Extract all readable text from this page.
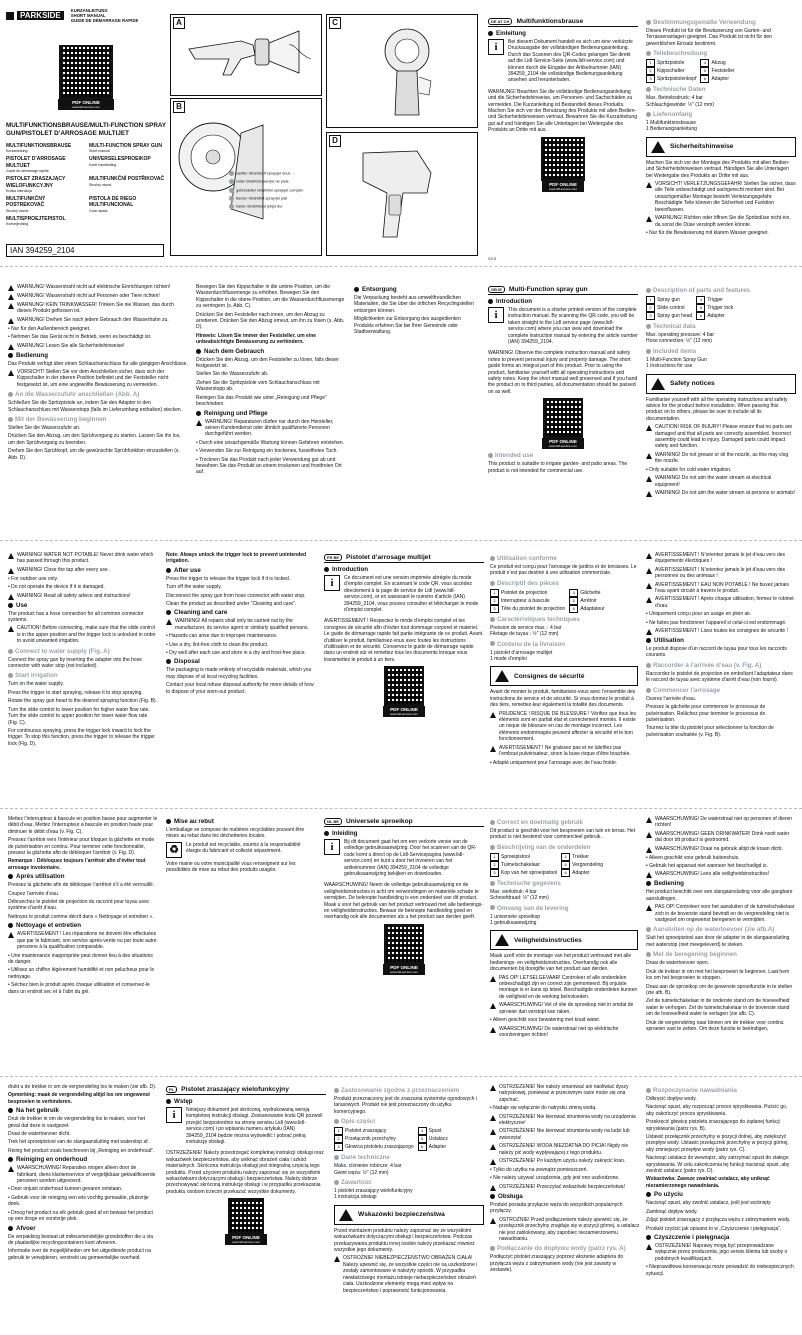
PARKSIDE
KURZANLEITUNG
SHORT MANUAL
GUIDE DE DÉMARRAGE RAPIDE
PDF ONLINE
www.lidl-service.com
MULTIFUNKTIONSBRAUSE/MULTI-FUNCTION SPRAY GUN/PISTOLET D’ARROSAGE MULTIJET
MULTIFUNKTIONSBRAUSE
Kurzanleitung
MULTI-FUNCTION SPRAY GUN
Short manual
PISTOLET D’ARROSAGE MULTIJET
Guide de démarrage rapide
UNIVERSELESPROEIKOP
Korte handleiding
PISTOLET ZRASZAJĄCY WIELOFUNKCYJNY
Krótka instrukcja
MULTIFUNKČNÍ POSTŘIKOVAČ
Stručný návod
MULTIFUNKČNÝ POSTREKOVAČ
Stručný návod
PISTOLA DE RIEGO MULTIFUNCIONAL
Guía rápida
MULTISPROEJTEPISTOL
Kortvejledning
IAN 394259_2104
A	C
B
sanfter Strahl/soft spray/jet doux
voller Strahl/shower/jet de pluie
gebündelter Strahl/full spray/jet complet
flacher Strahl/flat spray/jet plat
harter Strahl/fixed jet/jet dur
D
DE AT CH	Multifunktionsbrause
Einleitung
i	Bei diesem Dokument handelt es sich um eine verkürzte Druckausgabe der vollständigen Bedienungsanleitung. Durch das Scannen des QR-Codes gelangen Sie direkt auf die Lidl-Service-Seite (www.lidl-service.com) und können durch die Eingabe der Artikelnummer (IAN) 394259_2104 die vollständige Bedienungsanleitung ansehen und herunterladen.
WARNUNG! Beachten Sie die vollständige Bedienungsanleitung und die Sicherheitshinweise, um Personen- und Sachschäden zu vermeiden. Die Kurzanleitung ist Bestandteil dieses Produkts. Machen Sie sich vor der Benutzung des Produkts mit allen Bedien- und Sicherheitshinweisen vertraut. Bewahren Sie die Kurzanleitung gut auf und händigen Sie alle Unterlagen bei Weitergabe des Produkts an Dritte mit aus.
PDF ONLINE
www.lidl-service.com
Bestimmungsgemäße Verwendung
Dieses Produkt ist für die Bewässerung von Garten- und Terrassenanlagen geeignet. Das Produkt ist nicht für den gewerblichen Einsatz bestimmt.
Teilebeschreibung
1 Spritzpistole
2 Kippschalter
3 Spritzpistolenkopf

4 Abzug
5 Feststeller
6 Adapter
Technische Daten
Max. Betriebsdruck: 4 bar
Schlauchgewinde: ½" (12 mm)
Lieferumfang
1 Multifunktionsbrause
1 Bedienungsanleitung
Sicherheitshinweise
Machen Sie sich vor der Montage des Produkts mit allen Bedien- und Sicherheitshinweisen vertraut. Händigen Sie alle Unterlagen bei Weitergabe des Produkts an Dritte mit aus.
VORSICHT! VERLETZUNGSGEFAHR! Stellen Sie sicher, dass alle Teile unbeschädigt und sachgerecht montiert sind. Bei unsachgemäßer Montage besteht Verletzungsgefahr. Beschädigte Teile können die Sicherheit und Funktion beeinflussen.
WARNUNG! Richten oder öffnen Sie die Spritzdüse nicht ein, da sonst die Düse verstopft werden könnte.
• Nur für die Bewässerung mit klarem Wasser geeignet.
V2.0
WARNUNG! Wasserstrahl nicht auf elektrische Einrichtungen richten!
WARNUNG! Wasserstrahl nicht auf Personen oder Tiere richten!
WARNUNG! KEIN TRINKWASSER! Trinken Sie nie Wasser, das durch dieses Produkt geflossen ist.
WARNUNG! Drehen Sie nach jedem Gebrauch den Wasserhahn zu.
• Nur für den Außenbereich geeignet.
• Nehmen Sie das Gerät nicht in Betrieb, wenn es beschädigt ist.
WARNUNG! Lesen Sie alle Sicherheitshinweise!
Bedienung
Das Produkt verfügt über einen Schlauchanschluss für alle gängigen Anschlüsse.
VORSICHT! Stellen Sie vor dem Anschließen sicher, dass sich der Kippschalter in der oberen Position befindet und der Feststeller nicht festgesetzt ist, um eine ungewollte Bewässerung zu vermeiden.
An die Wasserzufuhr anschließen (Abb. A)
Schließen Sie die Spritzpistole an, indem Sie den Adapter in den Schlauchanschluss mit Wasserstopp (falls im Lieferumfang enthalten) stecken.
Mit der Bewässerung beginnen
Stellen Sie die Wasserzufuhr an.
Drücken Sie den Abzug, um den Sprühvorgang zu starten. Lassen Sie ihn los, um den Sprühvorgang zu beenden.
Drehen Sie den Sprühkopf, um die gewünschte Sprühfunktion einzustellen (s. Abb. D).
Bewegen Sie den Kippschalter in die untere Position, um die Wasserdurchflussmenge zu erhöhen. Bewegen Sie den Kippschalter in die obere Position, um die Wasserdurchflussmenge zu verringern (s. Abb. C).
Drücken Sie den Feststeller nach innen, um den Abzug zu arretieren. Drücken Sie den Abzug erneut, um ihn zu lösen (s. Abb. D).
Hinweis: Lösen Sie immer den Feststeller, um eine unbeabsichtigte Bewässerung zu verhindern.
Nach dem Gebrauch
Drücken Sie den Abzug, um den Feststeller zu lösen, falls dieser festgesetzt ist.
Stellen Sie die Wasserzufuhr ab.
Ziehen Sie die Spritzpistole vom Schlauchanschluss mit Wasserstopp ab.
Reinigen Sie das Produkt wie unter „Reinigung und Pflege“ beschrieben.
Reinigung und Pflege
WARNUNG! Reparaturen dürfen nur durch den Hersteller, seinen Kundendienst oder ähnlich qualifizierte Personen durchgeführt werden.
• Durch eine unsachgemäße Wartung können Gefahren entstehen.
• Verwenden Sie zur Reinigung ein trockenes, fusselfreies Tuch.
• Trocknen Sie das Produkt nach jeder Verwendung gut ab und bewahren Sie das Produkt an einem trockenen und frostfreien Ort auf.
Entsorgung
Die Verpackung besteht aus umweltfreundlichen Materialien, die Sie über die örtlichen Recyclingstellen entsorgen können.
Möglichkeiten zur Entsorgung des ausgedienten Produkts erfahren Sie bei Ihrer Gemeinde oder Stadtverwaltung.
GB IE	Multi-Function spray gun
Introduction
i	This document is a shorter printed version of the complete instruction manual. By scanning the QR code, you will be taken straight to the Lidl service page (www.lidl-service.com) where you can view and download the complete instruction manual by entering the article number (IAN) 394259_2104.
WARNING! Observe the complete instruction manual and safety notes to prevent personal injury and property damage. The short guide forms an integral part of this product. Prior to using the product, familiarise yourself with all operating instructions and safety notes. Keep the short manual well preserved and if you hand the product on to third parties, all documentation should be passed on as well.
PDF ONLINE
www.lidl-service.com
Intended use
This product is suitable to irrigate garden- and patio areas. The product is not intended for commercial use.
Description of parts and features
1 Spray gun
2 Slide control
3 Spray gun head

4 Trigger
5 Trigger lock
6 Adapter
Technical data
Max. operating pressure: 4 bar
Hose connection: ½" (12 mm)
Included items
1 Multi-Function Spray Gun
1 Instructions for use
Safety notices
Familiarise yourself with all the operating instructions and safety advice for the product before installation. When passing this product on to others, please be sure to include all its documentation.
CAUTION! RISK OF INJURY! Please ensure that no parts are damaged and that all parts are correctly assembled. Incorrect assembly could lead to injury. Damaged parts could impact safety and function.
WARNING! Do not grease or oil the nozzle, as this may clog the nozzle.
• Only suitable for cold water irrigation.
WARNING! Do not aim the water stream at electrical equipment!
WARNING! Do not aim the water stream at persons or animals!
WARNING! WATER NOT POTABLE! Never drink water which has passed through this product.
WARNING! Close the tap after every use.
• For outdoor use only.
• Do not operate the device if it is damaged.
WARNING! Read all safety advice and instructions!
Use
The product has a hose connection for all common connector systems.
CAUTION! Before connecting, make sure that the slide control is in the upper position and the trigger lock is unlocked in order to avoid unwanted irrigation.
Connect to water supply (Fig. A)
Connect the spray gun by inserting the adapter into the hose connector with water stop (not included).
Start irrigation
Turn on the water supply.
Press the trigger to start spraying, release it to stop spraying.
Rotate the spray gun head to the desired spraying function (Fig. B).
Turn the slide control to lower position for higher water flow rate. Turn the slide control to upper position for lower water flow rate (Fig. C).
For continuous spraying, press the trigger lock inward to lock the trigger. To stop this function, press the trigger to release the trigger lock (Fig. D).
Note: Always unlock the trigger lock to prevent unintended irrigation.
After use
Press the trigger to release the trigger lock if it is locked.
Turn off the water supply.
Disconnect the spray gun from hose connector with water stop.
Clean the product as described under “Cleaning and care”.
Cleaning and care
WARNING! All repairs shall only be carried out by the manufacturer, its service agent or similarly qualified persons.
• Hazards can arise due to improper maintenance.
• Use a dry, lint-free cloth to clean the product.
• Dry well after each use and store in a dry and frost-free place.
Disposal
The packaging is made entirely of recyclable materials, which you may dispose of at local recycling facilities.
Contact your local refuse disposal authority for more details of how to dispose of your worn-out product.
FR BE	Pistolet d’arrosage multijet
Introduction
i	Ce document est une version imprimée abrégée du mode d’emploi complet. En scannant le code QR, vous accédez directement à la page de service de Lidl (www.lidl-service.com), et en saisissant le numéro d’article (IAN) 394259_2104, vous pouvez consulter et télécharger le mode d’emploi complet.
AVERTISSEMENT ! Respectez le mode d’emploi complet et les consignes de sécurité afin d’éviter tout dommage corporel et matériel. Le guide de démarrage rapide fait partie intégrante de ce produit. Avant d’utiliser le produit, familiarisez-vous avec toutes les instructions d’utilisation et de sécurité. Conservez le guide de démarrage rapide dans un endroit sûr et remettez tous les documents lorsque vous transmettez le produit à un tiers.
PDF ONLINE
www.lidl-service.com
Utilisation conforme
Ce produit est conçu pour l’arrosage de jardins et de terrasses. Le produit n’est pas destiné à une utilisation commerciale.
Descriptif des pièces
1 Pistolet de projection
2 Interrupteur à bascule
3 Tête du pistolet de projection

4 Gâchette
5 Arrêtoir
6 Adaptateur
Caractéristiques techniques
Pression de service max. : 4 bar
Filetage de tuyau : ½" (12 mm)
Contenu de la livraison
1 pistolet d’arrosage multijet
1 mode d’emploi
Consignes de sécurité
Avant de monter le produit, familiarisez-vous avec l’ensemble des instructions de service et de sécurité. Si vous donnez le produit à des tiers, remettez-leur également la totalité des documents.
PRUDENCE ! RISQUE DE BLESSURE ! Vérifiez que tous les éléments sont en parfait état et correctement montés. Il existe un risque de blessure en cas de montage incorrect. Les éléments endommagés peuvent affecter la sécurité et le bon fonctionnement.
AVERTISSEMENT ! Ne graissez pas et ne lubrifiez pas l’embout pulvérisateur, sinon la buse risque d’être bouchée.
• Adapté uniquement pour l’arrosage avec de l’eau froide.
AVERTISSEMENT ! N’orientez jamais le jet d’eau vers des équipements électriques !
AVERTISSEMENT ! N’orientez jamais le jet d’eau vers des personnes ou des animaux !
AVERTISSEMENT ! EAU NON POTABLE ! Ne buvez jamais l’eau ayant circulé à travers le produit.
AVERTISSEMENT ! Après chaque utilisation, fermez le robinet d’eau.
• Uniquement conçu pour un usage en plein air.
• Ne faites pas fonctionner l’appareil si celui-ci est endommagé.
AVERTISSEMENT ! Lisez toutes les consignes de sécurité !
Utilisation
Le produit dispose d’un raccord de tuyau pour tous les raccords courants.
Raccorder à l’arrivée d’eau (v. Fig. A)
Raccordez le pistolet de projection en emboîtant l’adaptateur dans le raccord de tuyau avec système d’arrêt d’eau (non fourni).
Commencer l’arrosage
Ouvrez l’arrivée d’eau.
Pressez la gâchette pour commencer le processus de pulvérisation. Relâchez pour terminer le processus de pulvérisation.
Tournez la tête du pistolet pour sélectionner la fonction de pulvérisation souhaitée (v. Fig. B).
Mettez l’interrupteur à bascule en position basse pour augmenter le débit d’eau. Mettez l’interrupteur à bascule en position haute pour diminuer le débit d’eau (v. Fig. C).
Pressez l’arrêtoir vers l’intérieur pour bloquer la gâchette en mode de pulvérisation en continu. Pour terminer cette fonctionnalité, pressez la gâchette afin de débloquer l’arrêtoir (v. Fig. D).
Remarque : Débloquez toujours l’arrêtoir afin d’éviter tout arrosage involontaire.
Après utilisation
Pressez la gâchette afin de débloquer l’arrêtoir s’il a été verrouillé.
Coupez l’arrivée d’eau.
Débranchez le pistolet de projection du raccord pour tuyau avec système d’arrêt d’eau.
Nettoyez le produit comme décrit dans « Nettoyage et entretien ».
Nettoyage et entretien
AVERTISSEMENT ! Les réparations ne doivent être effectuées que par le fabricant, son service après-vente ou par toute autre personne à la qualification comparable.
• Une maintenance inappropriée peut donner lieu à des situations de danger.
• Utilisez un chiffon légèrement humidifié et non pelucheux pour le nettoyage.
• Séchez bien le produit après chaque utilisation et conservez-le dans un endroit sec et à l’abri du gel.
Mise au rebut
L’emballage se compose de matières recyclables pouvant être mises au rebut dans les déchetteries locales.
♻	Le produit est recyclable, soumis à la responsabilité élargie du fabricant et collecté séparément.
Votre mairie ou votre municipalité vous renseignent sur les possibilités de mise au rebut des produits usagés.
NL BE	Universele sproeikop
Inleiding
i	Bij dit document gaat het om een verkorte versie van de volledige gebruiksaanwijzing. Door het scannen van de QR-code komt u direct op de Lidl-Servicepagina (www.lidl-service.com) en kunt u door het invoeren van het artikelnummer (IAN) 394259_2104 de volledige gebruiksaanwijzing bekijken en downloaden.
WAARSCHUWING! Neem de volledige gebruiksaanwijzing en de veiligheidsinstructies in acht om verwondingen en materiële schade te vermijden. De beknopte handleiding is een onderdeel van dit product. Maak u voor het gebruik van het product vertrouwd met alle bedienings- en veiligheidsinstructies. Bewaar de beknopte handleiding goed en overhandig ook alle documenten als u het product aan derden geeft.
PDF ONLINE
www.lidl-service.com
Correct en doelmatig gebruik
Dit product is geschikt voor het besproeien van tuin en terras. Het product is niet bestemd voor commercieel gebruik.
Beschrijving van de onderdelen
1 Sproeipistool
2 Tuimelschakelaar
3 Kop van het sproeipistool

4 Trekker
5 Vergrendeling
6 Adapter
Technische gegevens
Max. werkdruk: 4 bar
Schroefdraad: ½" (12 mm)
Omvang van de levering
1 universele sproeikop
1 gebruiksaanwijzing
Veiligheidsinstructies
Maak uzelf vóór de montage van het product vertrouwd met alle bedienings- en veiligheidsinstructies. Overhandig ook alle documenten bij doorgifte van het product aan derden.
PAS OP! LETSELGEVAAR! Controleer of alle onderdelen onbeschadigd zijn en correct zijn gemonteerd. Bij onjuiste montage is er kans op letsel. Beschadigde onderdelen kunnen de veiligheid en de werking beïnvloeden.
WAARSCHUWING! Vet of olie de sproeikop niet in omdat de sproeier dan verstopt kan raken.
• Alleen geschikt voor bewatering met koud water.
WAARSCHUWING! De waterstraal niet op elektrische voorzieningen richten!
WAARSCHUWING! De waterstraal niet op personen of dieren richten!
WAARSCHUWING! GEEN DRINKWATER! Drink nooit water dat door dit product is gestroomd.
WAARSCHUWING! Draai na gebruik altijd de kraan dicht.
• Alleen geschikt voor gebruik buitenshuis.
• Gebruik het apparaat niet wanneer het beschadigd is.
WAARSCHUWING! Lees alle veiligheidsinstructies!
Bediening
Het product beschikt over een slangaansluiting voor alle gangbare aansluitingen.
PAS OP! Controleer voor het aansluiten of de tuimelschakelaar zich in de bovenste stand bevindt en de vergrendeling niet is vastgezet om ongewenst beregenen te vermijden.
Aansluiten op de watertoevoer (zie afb.A)
Sluit het sproeipistool aan door de adapter in de slangaansluiting met waterstop (niet meegeleverd) te steken.
Met de beregening beginnen
Draai de watertoevoer open.
Druk de trekker in om met het besproeien te beginnen. Laat hem los om het besproeien te stoppen.
Draai aan de sproeikop om de gewenste sproeifunctie in te stellen (zie afb. B).
Zet de tuimelschakelaar in de onderste stand om de hoeveelheid water te verhogen. Zet de tuimelschakelaar in de bovenste stand om de hoeveelheid water te verlagen (zie afb. C).
Druk de vergrendeling naar binnen om de trekker voor continu sproeien vast te zetten. Om deze functie te beëindigen,
drukt u de trekker in om de vergrendeling los te maken (zie afb. D).
Opmerking: maak de vergrendeling altijd los om ongewenst besproeien te verhinderen.
Na het gebruik
Druk de trekker in om de vergrendeling los te maken, voor het geval dat deze is vastgezet.
Draai de watertoevoer dicht.
Trek het sproeipistool van de slangaansluiting met waterstop af.
Reinig het product zoals beschreven bij „Reiniging en onderhoud“.
Reiniging en onderhoud
WAARSCHUWING! Reparaties mogen alleen door de fabrikant, diens klantenservice of vergelijkbaar gekwalificeerde personen worden uitgevoerd.
• Door onjuist onderhoud kunnen gevaren ontstaan.
• Gebruik voor de reiniging een iets vochtig gemaakte, pluisvrije doek.
• Droog het product na elk gebruik goed af en bewaar het product op een droge en vorstvrije plek.
Afvoer
De verpakking bestaat uit milieuvriendelijke grondstoffen die u via de plaatselijke recyclingcontainers kunt afvoeren.
Informatie over de mogelijkheden om het uitgediende product na gebruik te verwijderen, verstrekt uw gemeentelijke overheid.
PL	Pistolet zraszający wielofunkcyjny
Wstęp
i	Niniejszy dokument jest skróconą, wydrukowaną wersją kompletnej instrukcji obsługi. Zeskanowanie kodu QR pozwoli przejść bezpośrednio na stronę serwisu Lidl (www.lidl-service.com) i po wpisaniu numeru artykułu (IAN) 394259_2104 będzie można wyświetlić i pobrać pełną instrukcję obsługi.
OSTRZEŻENIE! Należy przestrzegać kompletnej instrukcji obsługi oraz wskazówek bezpieczeństwa, aby uniknąć obrażeń ciała i szkód materialnych. Skrócona instrukcja obsługi jest integralną częścią tego produktu. Przed użyciem produktu należy zapoznać się ze wszystkimi wskazówkami dotyczącymi obsługi i bezpieczeństwa. Należy dobrze przechowywać skróconą instrukcję obsługi i w przypadku przekazania produktu osobom trzecim przekazać wszystkie dokumenty.
PDF ONLINE
www.lidl-service.com
Zastosowanie zgodne z przeznaczeniem
Produkt przeznaczony jest do zraszania systemów ogrodowych i tarasowych. Produkt nie jest przeznaczony do użytku komercyjnego.
Opis części
1 Pistolet zraszający
2 Przełącznik przechylny
3 Głowica pistoletu zraszającego

4 Spust
5 Ustalacz
6 Adapter
Dane techniczne
Maks. ciśnienie robocze: 4 bar
Gwint węża: ½" (12 mm)
Zawartość
1 pistolet zraszający wielofunkcyjny
1 instrukcja obsługi
Wskazówki bezpieczeństwa
Przed montażem produktu należy zapoznać się ze wszystkimi wskazówkami dotyczącymi obsługi i bezpieczeństwa. Podczas przekazywania produktu innej osobie należy przekazać również wszystkie jego dokumenty.
OSTROŻNIE! NIEBEZPIECZEŃSTWO OBRAŻEŃ CIAŁA! Należy upewnić się, że wszystkie części nie są uszkodzone i zostały zamontowane w należyty sposób. W przypadku niewłaściwego montażu istnieje niebezpieczeństwo obrażeń ciała. Uszkodzone elementy mogą mieć wpływ na bezpieczeństwo i poprawność funkcjonowania.
OSTRZEŻENIE! Nie należy smarować ani naoliwiać dyszy natryskowej, ponieważ w przeciwnym razie może się ona zapchać.
• Nadaje się wyłącznie do natrysku zimną wodą.
OSTRZEŻENIE! Nie kierować strumienia wody na urządzenia elektryczne!
OSTRZEŻENIE! Nie kierować strumienia wody na ludzi lub zwierzęta!
OSTRZEŻENIE! WODA NIEZDATNA DO PICIA! Nigdy nie należy pić wody wypływającej z tego produktu.
OSTRZEŻENIE! Po każdym użyciu należy zakręcić kran.
• Tylko do użytku na zewnątrz pomieszczeń.
• Nie należy używać urządzenia, gdy jest ono uszkodzone.
OSTRZEŻENIE! Przeczytać wskazówki bezpieczeństwa!
Obsługa
Produkt posiada przyłącze węża do wszystkich popularnych przyłączy.
OSTROŻNIE! Przed podłączeniem należy upewnić się, że przełącznik przechylny znajduje się w pozycji górnej, a ustalacz nie jest zablokowany, aby zapobiec niezamierzonemu nawadnianiu.
Podłączanie do dopływu wody (patrz rys. A)
Podłączyć pistolet zraszający poprzez włożenie adaptera do przyłącza węża z zatrzymaniem wody (nie jest zawarty w zestawie).
Rozpoczynanie nawadniania
Odkręcić dopływ wody.
Nacisnąć spust, aby rozpocząć proces spryskiwania. Puścić go, aby zakończyć proces spryskiwania.
Przekręcić głowicę pistoletu zraszającego do żądanej funkcji spryskiwania (patrz rys. B).
Ustawić przełącznik przechylny w pozycji dolnej, aby zwiększyć przepływ wody. Ustawić przełącznik przechylny w pozycji górnej, aby zmniejszyć przepływ wody (patrz rys. C).
Nacisnąć ustalacz do wewnątrz, aby zatrzymać spust do stałego spryskiwania. W celu zakończenia tej funkcji nacisnąć spust, aby zwolnić ustalacz (patrz rys. D).
Wskazówka: Zawsze zwalniać ustalacz, aby uniknąć niezamierzonego nawadniania.
Po użyciu
Nacisnąć spust, aby zwolnić ustalacz, jeśli jest wciśnięty.
Zamknąć dopływ wody.
Zdjąć pistolet zraszający z przyłącza węża z zatrzymaniem wody.
Produkt czyścić jak opisano to w „Czyszczenie i pielęgnacja“.
Czyszczenie i pielęgnacja
OSTRZEŻENIE! Naprawy mogą być przeprowadzane wyłącznie przez producenta, jego serwis klienta lub osoby o podobnych kwalifikacjach.
• Nieprawidłowa konserwacja może prowadzić do niebezpiecznych sytuacji.
